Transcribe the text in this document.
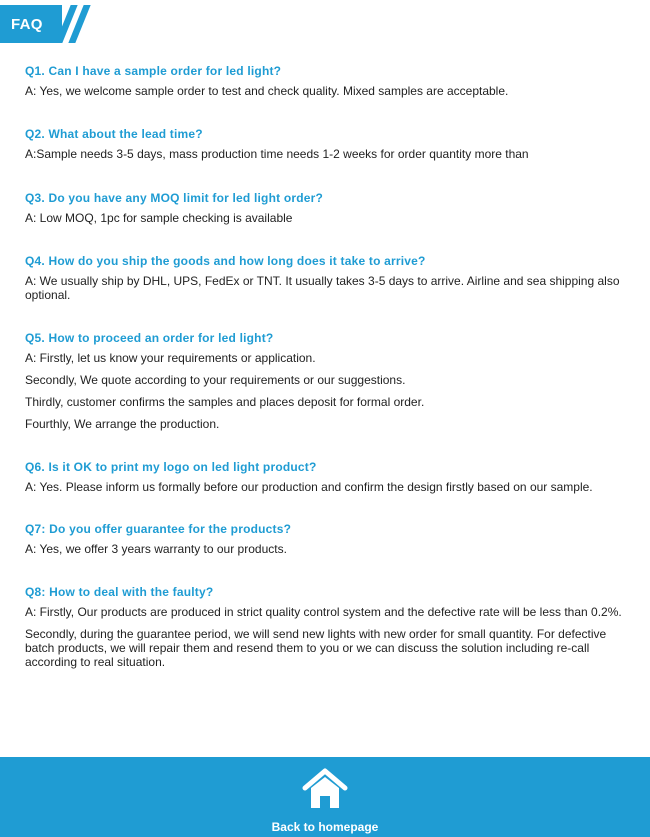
FAQ

Q1. Can I have a sample order for led light?

A: Yes, we welcome sample order to test and check quality. Mixed samples are acceptable.

Q2. What about the lead time?

A:Sample needs 3-5 days, mass production time needs 1-2 weeks for order quantity more than

Q3. Do you have any MOQ limit for led light order?

A: Low MOQ, 1pc for sample checking is available

Q4. How do you ship the goods and how long does it take to arrive?

A: We usually ship by DHL, UPS, FedEx or TNT. It usually takes 3-5 days to arrive. Airline and sea shipping also optional.

Q5. How to proceed an order for led light?

A: Firstly, let us know your requirements or application.

Secondly, We quote according to your requirements or our suggestions.

Thirdly, customer confirms the samples and places deposit for formal order.

Fourthly, We arrange the production.

Q6. Is it OK to print my logo on led light product?

A: Yes. Please inform us formally before our production and confirm the design firstly based on our sample.

Q7: Do you offer guarantee for the products?

A: Yes, we offer 3 years warranty to our products.

Q8: How to deal with the faulty?

A: Firstly, Our products are produced in strict quality control system and the defective rate will be less than 0.2%.

Secondly, during the guarantee period, we will send new lights with new order for small quantity. For defective batch products, we will repair them and resend them to you or we can discuss the solution including re-call according to real situation.

Back to homepage
